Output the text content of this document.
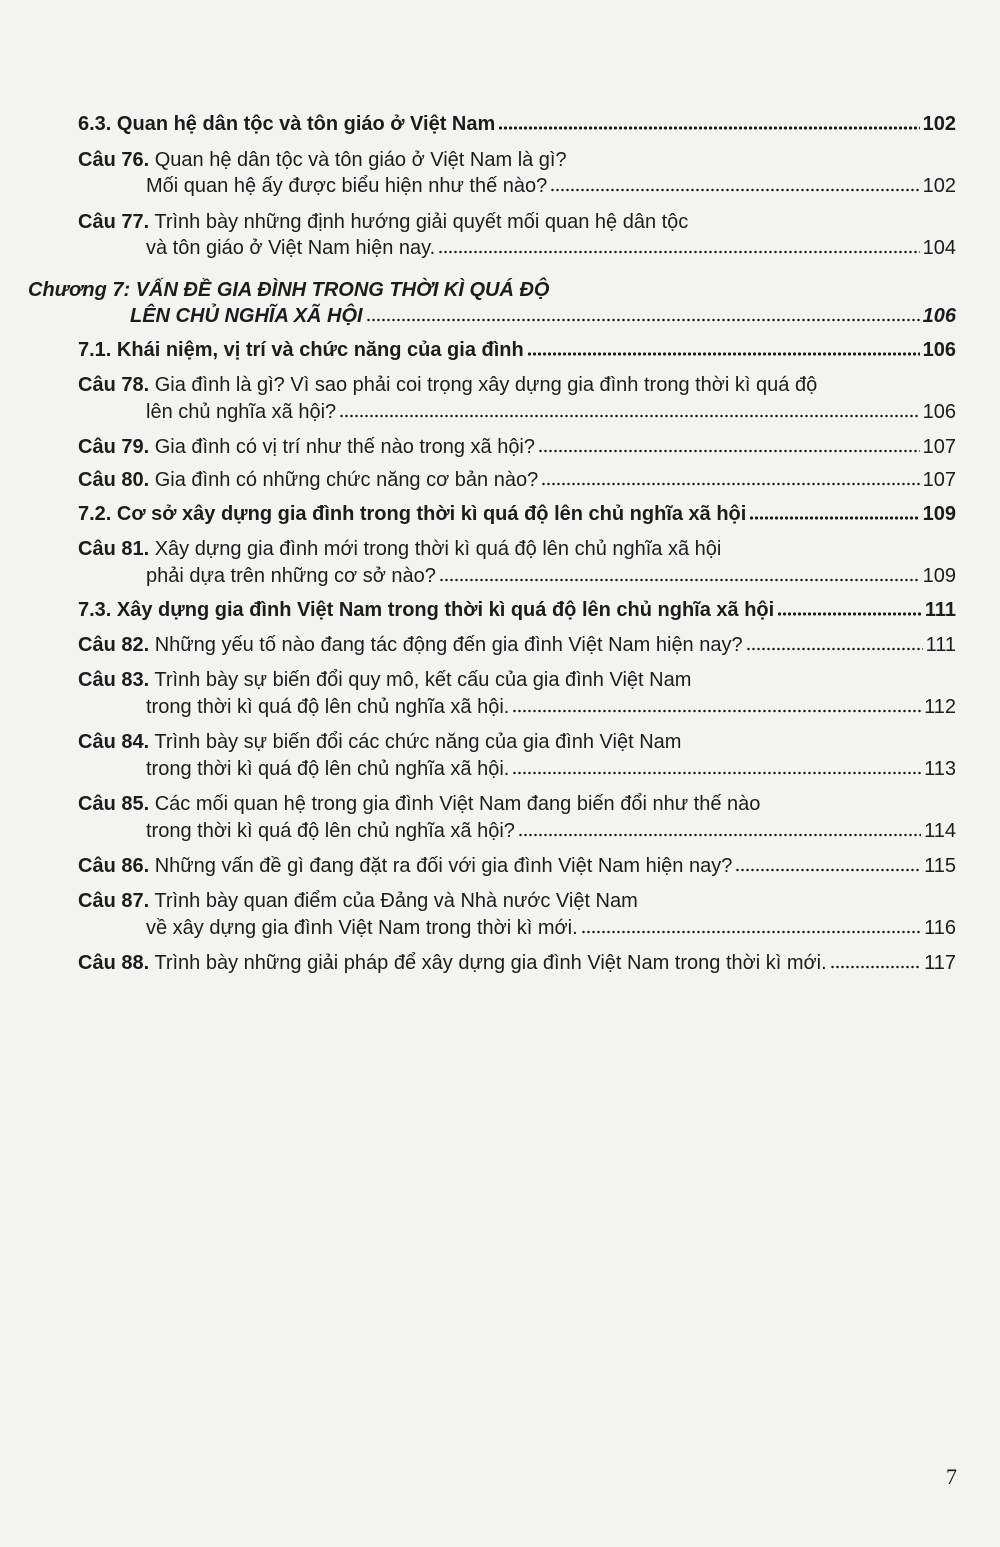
6.3. Quan hệ dân tộc và tôn giáo ở Việt Nam	102
Câu 76. Quan hệ dân tộc và tôn giáo ở Việt Nam là gì?
Mối quan hệ ấy được biểu hiện như thế nào?	102
Câu 77. Trình bày những định hướng giải quyết mối quan hệ dân tộc
và tôn giáo ở Việt Nam hiện nay.	104
Chương 7: VẤN ĐỀ GIA ĐÌNH TRONG THỜI KÌ QUÁ ĐỘ
LÊN CHỦ NGHĨA XÃ HỘI	106
7.1. Khái niệm, vị trí và chức năng của gia đình	106
Câu 78. Gia đình là gì? Vì sao phải coi trọng xây dựng gia đình trong thời kì quá độ
lên chủ nghĩa xã hội?	106
Câu 79. Gia đình có vị trí như thế nào trong xã hội?	107
Câu 80. Gia đình có những chức năng cơ bản nào?	107
7.2. Cơ sở xây dựng gia đình trong thời kì quá độ lên chủ nghĩa xã hội	109
Câu 81. Xây dựng gia đình mới trong thời kì quá độ lên chủ nghĩa xã hội
phải dựa trên những cơ sở nào?	109
7.3. Xây dựng gia đình Việt Nam trong thời kì quá độ lên chủ nghĩa xã hội	111
Câu 82. Những yếu tố nào đang tác động đến gia đình Việt Nam hiện nay?	111
Câu 83. Trình bày sự biến đổi quy mô, kết cấu của gia đình Việt Nam
trong thời kì quá độ lên chủ nghĩa xã hội.	112
Câu 84. Trình bày sự biến đổi các chức năng của gia đình Việt Nam
trong thời kì quá độ lên chủ nghĩa xã hội.	113
Câu 85. Các mối quan hệ trong gia đình Việt Nam đang biến đổi như thế nào
trong thời kì quá độ lên chủ nghĩa xã hội?	114
Câu 86. Những vấn đề gì đang đặt ra đối với gia đình Việt Nam hiện nay?	115
Câu 87. Trình bày quan điểm của Đảng và Nhà nước Việt Nam
về xây dựng gia đình Việt Nam trong thời kì mới.	116
Câu 88. Trình bày những giải pháp để xây dựng gia đình Việt Nam trong thời kì mới.	117
7
